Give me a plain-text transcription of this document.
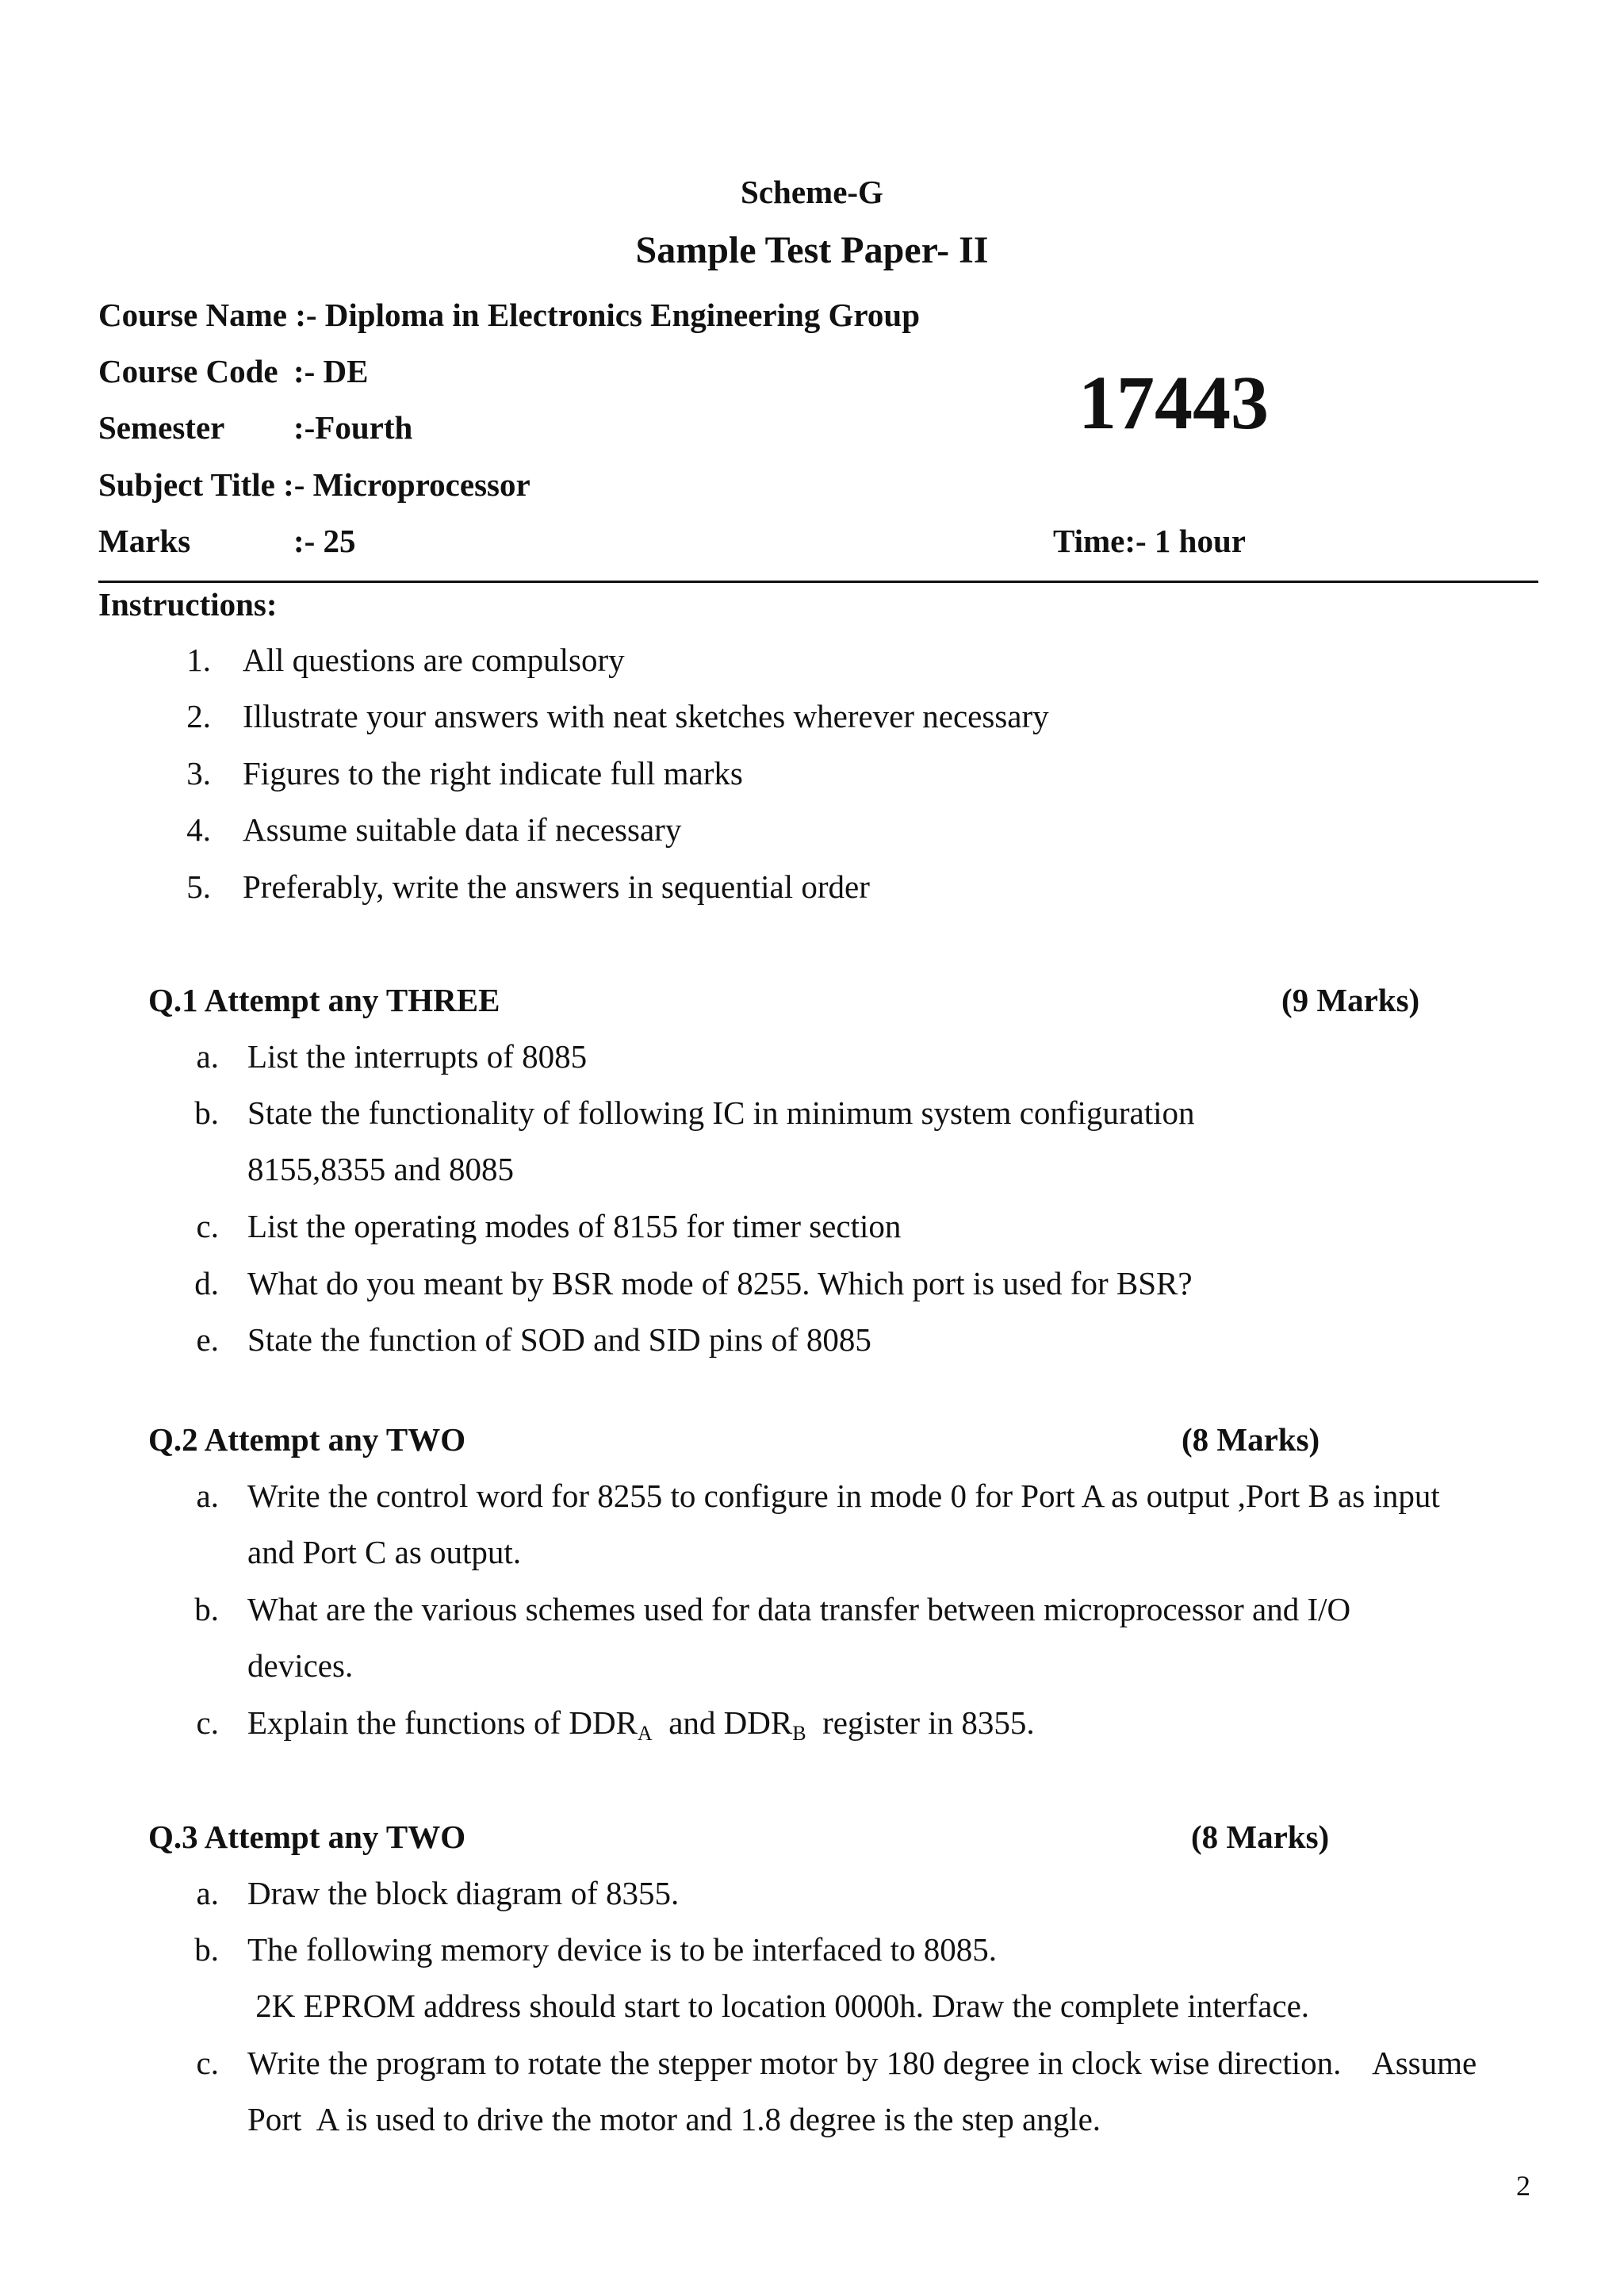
Scheme-G
Sample Test Paper- II
Course Name :- Diploma in Electronics Engineering Group
Course Code :- DE
Semester :-Fourth
Subject Title :- Microprocessor
Marks	:- 25
17443
Time:- 1 hour
Instructions:
1. All questions are compulsory
2. Illustrate your answers with neat sketches wherever necessary
3. Figures to the right indicate full marks
4. Assume suitable data if necessary
5. Preferably, write the answers in sequential order
Q.1 Attempt any THREE	(9 Marks)
a. List the interrupts of 8085
b. State the functionality of following IC in minimum system configuration
8155,8355 and 8085
c. List the operating modes of 8155 for timer section
d. What do you meant by BSR mode of 8255. Which port is used for BSR?
e. State the function of SOD and SID pins of 8085
Q.2 Attempt any TWO	(8 Marks)
a. Write the control word for 8255 to configure in mode 0 for Port A as output ,Port B as input
and Port C as output.
b. What are the various schemes used for data transfer between microprocessor and I/O
devices.
c. Explain the functions of $DDR_A$  and $DDR_B$  register in 8355.
Q.3 Attempt any TWO	(8 Marks)
a. Draw the block diagram of 8355.
b. The following memory device is to be interfaced to 8085.
2K EPROM address should start to location 0000h. Draw the complete interface.
c. Write the program to rotate the stepper motor by 180 degree in clock wise direction.    Assume
Port  A is used to drive the motor and 1.8 degree is the step angle.
2
